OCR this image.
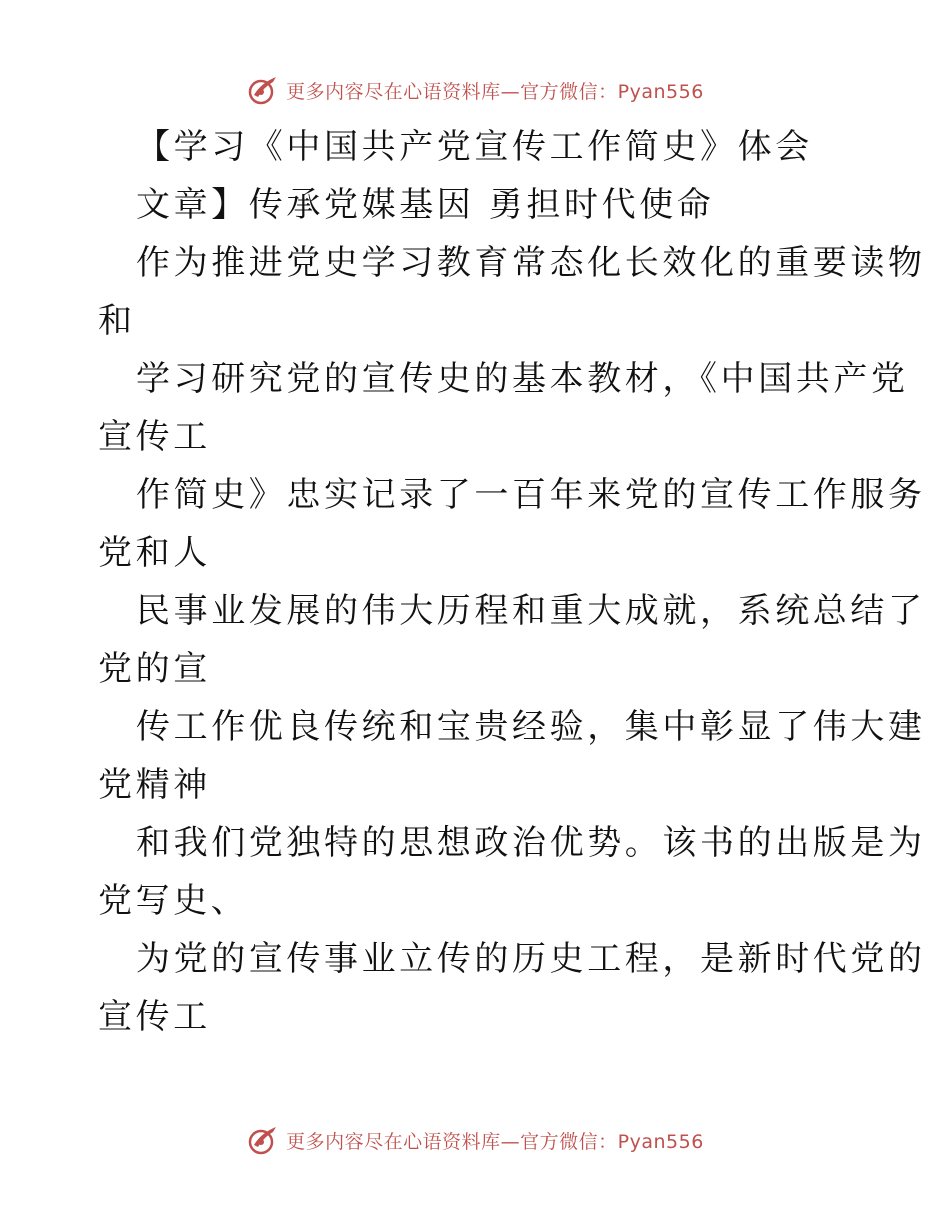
更多内容尽在心语资料库—官方微信：Pyan556
【学习《中国共产党宣传工作简史》体会
文章】传承党媒基因 勇担时代使命
作为推进党史学习教育常态化长效化的重要读物
和
学习研究党的宣传史的基本教材，《中国共产党
宣传工
作简史》忠实记录了一百年来党的宣传工作服务
党和人
民事业发展的伟大历程和重大成就，系统总结了
党的宣
传工作优良传统和宝贵经验，集中彰显了伟大建
党精神
和我们党独特的思想政治优势。该书的出版是为
党写史、
为党的宣传事业立传的历史工程，是新时代党的
宣传工
更多内容尽在心语资料库—官方微信：Pyan556
